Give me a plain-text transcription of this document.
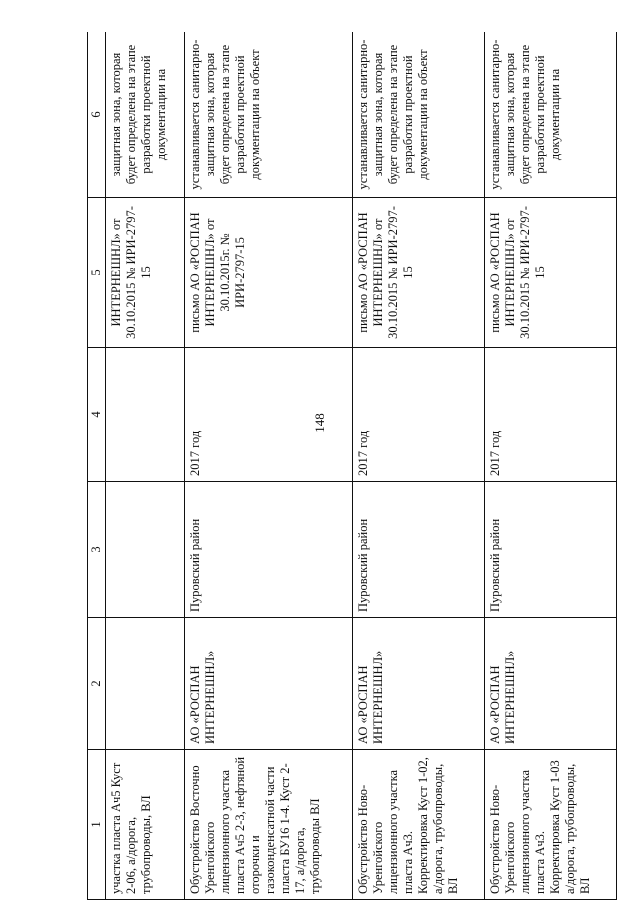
148
1	2	3	4	5	6
участка пласта Ач5 Куст 2-06, а/дорога, трубопроводы, ВЛ				ИНТЕРНЕШНЛ» от 30.10.2015 № ИРИ-2797-15	защитная зона, которая будет определена на этапе разработки проектной документации на
Обустройство Восточно Уренгойского лицензионного участка пласта Ач5 2-3, нефтяной оторочки и газоконденсатной части пласта БУ16 1-4. Куст 2-17, а/дорога, трубопроводы ВЛ	АО «РОСПАН ИНТЕРНЕШНЛ»	Пуровский район	2017 год	письмо АО «РОСПАН ИНТЕРНЕШНЛ» от 30.10.2015г. № ИРИ-2797-15	устанавливается санитарно-защитная зона, которая будет определена на этапе разработки проектной документации на объект
Обустройство Ново-Уренгойского лицензионного участка пласта Ач3. Корректировка Куст 1-02, а/дорога, трубопроводы, ВЛ	АО «РОСПАН ИНТЕРНЕШНЛ»	Пуровский район	2017 год	письмо АО «РОСПАН ИНТЕРНЕШНЛ» от 30.10.2015 № ИРИ-2797-15	устанавливается санитарно-защитная зона, которая будет определена на этапе разработки проектной документации на объект
Обустройство Ново-Уренгойского лицензионного участка пласта Ач3. Корректировка Куст 1-03 а/дорога, трубопроводы, ВЛ	АО «РОСПАН ИНТЕРНЕШНЛ»	Пуровский район	2017 год	письмо АО «РОСПАН ИНТЕРНЕШНЛ» от 30.10.2015 № ИРИ-2797-15	устанавливается санитарно-защитная зона, которая будет определена на этапе разработки проектной документации на
